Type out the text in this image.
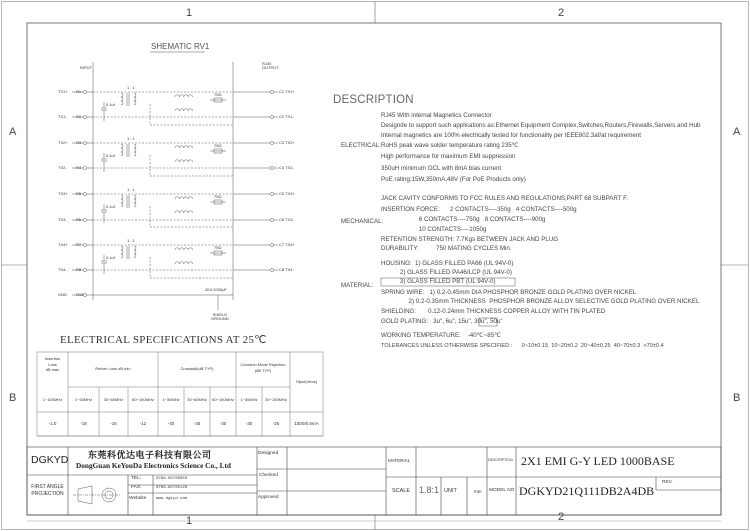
1	2
1	2
A	A
B	B
SHEMATIC RV1
INPUT
RJ45
OUTPUT
TX1+ R1	C1 TX1+
TX1- R2	C2 TX1-
TX2+ R3	C3 TX2+
TX2- R4	C4 TX2-
TX3+ R5	C5 TX3+
TX3- R6	C6 TX3-
TX4+ R7	C7 TX4+
TX4- R8	C8 TX4-
GND R10
1 : 1
0.1uf
75Ω
1 : 1
0.1uf
75Ω
1 : 1
0.1uf
75Ω
1 : 1
0.1uf
75Ω
2KV,1000pF
SHIELD
GROUND
DESCRIPTION
RJ45 With internal Magnetics Connector
Designde to support such applications as:Ethernet Equipment Complex,Switches,Routers,Firewalls,Servers and Hub
Internal magnetics are 100% electrically tested for functionality per IEEE802.3af/at requirement
ELECTRICAL: RoHS peak wave solder temperature rating 235℃
High performance for maximum EMI suppression
350uH minimum OCL with 8mA bias current
PoE rating:15W,350mA,48V (For PoE Products only)
JACK CAVITY CONFORMS TO FCC RULES AND REGULATIONS,PART 68 SUBPART F.
INSERTION FORCE:      2 CONTACTS----350g   4 CONTACTS----500g
6 CONTACTS----750g   8 CONTACTS----900g
MECHANICAL:
10 CONTACTS----1050g
RETENTION STRENGTH: 7.7Kgs BETWEEN JACK AND PLUG
DURABILITY:          750 MATING CYCLES Min.
HOUSING:  1) GLASS FILLED PA66 (UL 94V-0)
2) GLASS FILLED PA46/LCP (UL 94V-0)
3) GLASS FILLED PBT (UL 94V-0)
MATERIAL:
SPRING WIRE:   1) 0.2-0.45mm DIA PHOSPHOR BRONZE GOLD PLATING OVER NICKEL
2) 0.2-0.35mm THICKNESS  PHOSPHOR BRONZE ALLOY SELECTIVE GOLD PLATING OVER NICKEL
SHIELDING:       0.12-0.24mm THICKNESS COPPER ALLOY WITH TIN PLATED
GOLD PLATING:   3u", 6u", 15u", 30u", 50u"
WORKING TEMPERATURE:    -40℃~85℃
TOLERANCES UNLESS OTHERWISE SPECIFIED :      0~10±0.15  10~20±0.2  20~40±0.25  40~70±0.3  >70±0.4
ELECTRICAL SPECIFICATIONS AT 25℃
Insertion
Loss
dB max	Return Loss dB min	Crosstalk(dB TYP)
Common Mode Rejection
(dB TYP)
Hipot(Vrms)
1~100MHz	1~30MHz	30~60MHz	60~100MHz	1~30MHz	30~60MHz	60~100MHz	1~30MHz	30~100MHz
-1.0	-18	-16	-12	-40	-35	-30	-30	-25	1500/0.5mA
DGKYD 东莞科优达电子科技有限公司
DongGuan KeYouDa Electronics Science Co., Ltd
FIRST ANGLE
PROJECTION
TEL:
FAX:
Website
0769-85705650
0769-85765128
www.dgkyd.com
Designed
Checked
Approved
MATERIAL	DESCRIPTION 2X1 EMI G-Y LED 1000BASE
REV.
SCALE 1.8:1 UNIT	mm MODEL NO DGKYD21Q111DB2A4DB
